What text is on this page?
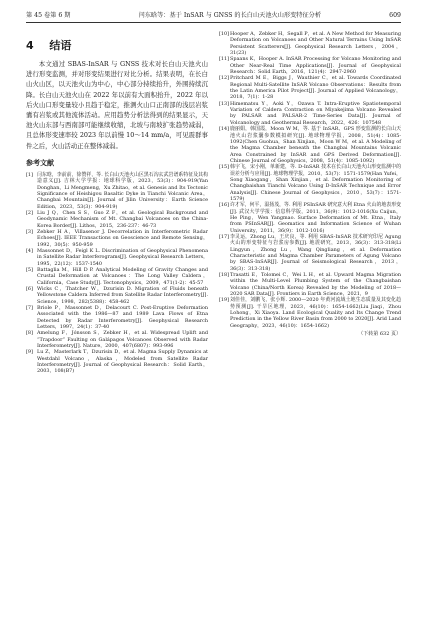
第 45 卷第 6 期	闫东晗等：基于 InSAR 与 GNSS 的长白山天池火山形变特征分析	609
4 结语

本文通过 SBAS-InSAR 与 GNSS 技术对长白山天池火山进行形变监测，并对形变结果进行对比分析。结果表明，在长白山火山区，以天池火山为中心，中心部分持续抬升，外围持续沉降。长白山天池火山在 2022 年以前有大面积抬升，2022 年以后火山口形变量较小且趋于稳定，推测火山口正南部的浅层岩浆囊有岩浆或其他流体活动。应用趋势分析法得到的结果显示，天池火山东部与西南部可能继续收缩，北坡与南坡扩张趋势减弱，且总体形变速率较 2023 年以前慢 10～14 mm/a，可见震群事件之后，火山活动正在整体减弱。

参考文献
[1] 闫东晗，李前前，徐赞祥，等. 长白山天池火山区黑石沟玄武岩谱系特征及其构造意义[J]. 吉林大学学报：地球科学版，2023，53(3)：904-919(Yan Donghan，Li Mengmeng，Xu Zhitao，et al. Genesis and Its Tectonic Significance of Heishigou Basaltic Dyke in Tianchi Volcanic Area，Changbai Mountain[J]. Journal of Jilin University：Earth Science Edition，2023，53(3)：904-919)
[2] Liu J Q，Chen S S，Guo Z F，et al. Geological Background and Geodynamic Mechanism of Mt. Changbai Volcanoes on the China-Korea Border[J]. Lithos，2015，236-237：46-73
[3] Zebker H A，Villasenor J. Decorrelation in Interferometric Radar Echoes[J]. IEEE Transactions on Geoscience and Remote Sensing，1992，30(5)：950-959
[4] Massonnet D，Feigl K L. Discrimination of Geophysical Phenomena in Satellite Radar Interferograms[J]. Geophysical Research Letters，1995，22(12)：1537-1540
[5] Battaglia M，Hill D P. Analytical Modeling of Gravity Changes and Crustal Deformation at Volcanoes：The Long Valley Caldera，California，Case Study[J]. Tectonophysics，2009，471(1-2)：45-57
[6] Wicks C，Thatcher W，Dzurisin D. Migration of Fluids beneath Yellowstone Caldera Inferred from Satellite Radar Interferometry[J]. Science，1998，282(5388)：458-462
[7] Briole P，Massonnet D，Delacourt C. Post-Eruptive Deformation Associated with the 1986—87 and 1989 Lava Flows of Etna Detected by Radar Interferometry[J]. Geophysical Research Letters，1997，24(1)：37-40
[8] Amelung F，Jónsson S，Zebker H，et al. Widespread Uplift and “Trapdoor” Faulting on Galápagos Volcanoes Observed with Radar Interferometry[J]. Nature，2000，407(6807)：993-996
[9] Lu Z，Masterlark T，Dzurisin D，et al. Magma Supply Dynamics at Westdahl Volcano，Alaska，Modeled from Satellite Radar Interferometry[J]. Journal of Geophysical Research：Solid Earth，2003，108(B7)
[10] Hooper A，Zebker H，Segall P，et al. A New Method for Measuring Deformation on Volcanoes and Other Natural Terrains Using InSAR Persistent Scatterers[J]. Geophysical Research Letters，2004，31(23)
[11] Spaans K，Hooper A. InSAR Processing for Volcano Monitoring and Other Near-Real Time Applications[J]. Journal of Geophysical Research：Solid Earth，2016，121(4)：2947-2960
[12] Pritchard M E，Biggs J，Wauthier C，et al. Towards Coordinated Regional Multi-Satellite InSAR Volcano Observations：Results from the Latin America Pilot Project[J]. Journal of Applied Volcanology，2018，7(1)：1-28
[13] Himematsu Y，Aoki Y，Ozawa T. Intra-Eruptive Spatiotemporal Variation of Caldera Contraction on Miyakejima Volcano Revealed by PALSAR and PALSAR-2 Time-Series Data[J]. Journal of Volcanology and Geothermal Research，2022，426：107548
[14] 鹿丽娟，韩国霞，Moon W M，等. 基于 InSAR、GPS 形变监测的长白山天池火山岩浆囊参数模拟研究[J]. 地球物理学报，2008，51(4)：1085-1092(Chen Guohua，Shan Xinjian，Moon W M，et al. A Modeling of the Magma Chamber beneath the Changbai Mountains Volcanic Area Constrained by InSAR and GPS Derived Deformation[J]. Chinese Journal of Geophysics，2008，51(4)：1085-1092)
[15] 韩宇飞，宋小刚，单新建，等. D-InSAR 技术在长白山天池火山形变监测中的误差分析与应用[J]. 地球物理学报，2010，53(7)：1571-1579(Han Yufei，Song Xiaogang，Shan Xinjian，et al. Deformation Monitoring of Changbaishan Tianchi Volcano Using D-InSAR Technique and Error Analysis[J]. Chinese Journal of Geophysics，2010，53(7)：1571-1579)
[16] 许才军，何平，温扬茂，等. 利用 PSInSAR 研究意大利 Etna 火山的地表形变[J]. 武汉大学学报：信息科学版，2011，36(9)：1012-1016(Xu Caijun，He Ping，Wen Yangmao. Surface Deformation of Mt. Etna，Italy from PSInSAR[J]. Geomatics and Information Science of Wuhan University，2011，36(9)：1012-1016)
[17] 李灵运，Zhong Lu，王庆良，等. 利用 SBAS-InSAR 技术研究印尼 Agung 火山的形变特征与岩浆房参数[J]. 地震研究，2013，36(3)：313-318(Li Lingyun，Zhong Lu，Wang Qingliang，et al. Deformation Characteristic and Magma Chamber Parameters of Agung Volcano by SBAS-InSAR[J]. Journal of Seismological Research，2013，36(3)：313-318)
[18] Trasatti E，Tolomei C，Wei L H，et al. Upward Magma Migration within the Multi-Level Plumbing System of the Changbaishan Volcano (China/North Korea) Revealed by the Modeling of 2018—2020 SAR Data[J]. Frontiers in Earth Science，2021，9
[19] 刘佳佳，刘鹏飞，张小辉. 2000—2020 年黄河流域土地生态质量及其变化趋势预测[J]. 干旱区地理，2023，46(10)：1654-1662(Liu Jiaqi，Zhou Lohong，Xi Xiaoya. Land Ecological Quality and Its Change Trend Prediction in the Yellow River Basin from 2000 to 2020[J]. Arid Land Geography，2023，46(10)：1654-1662)
（下转第 632 页）
